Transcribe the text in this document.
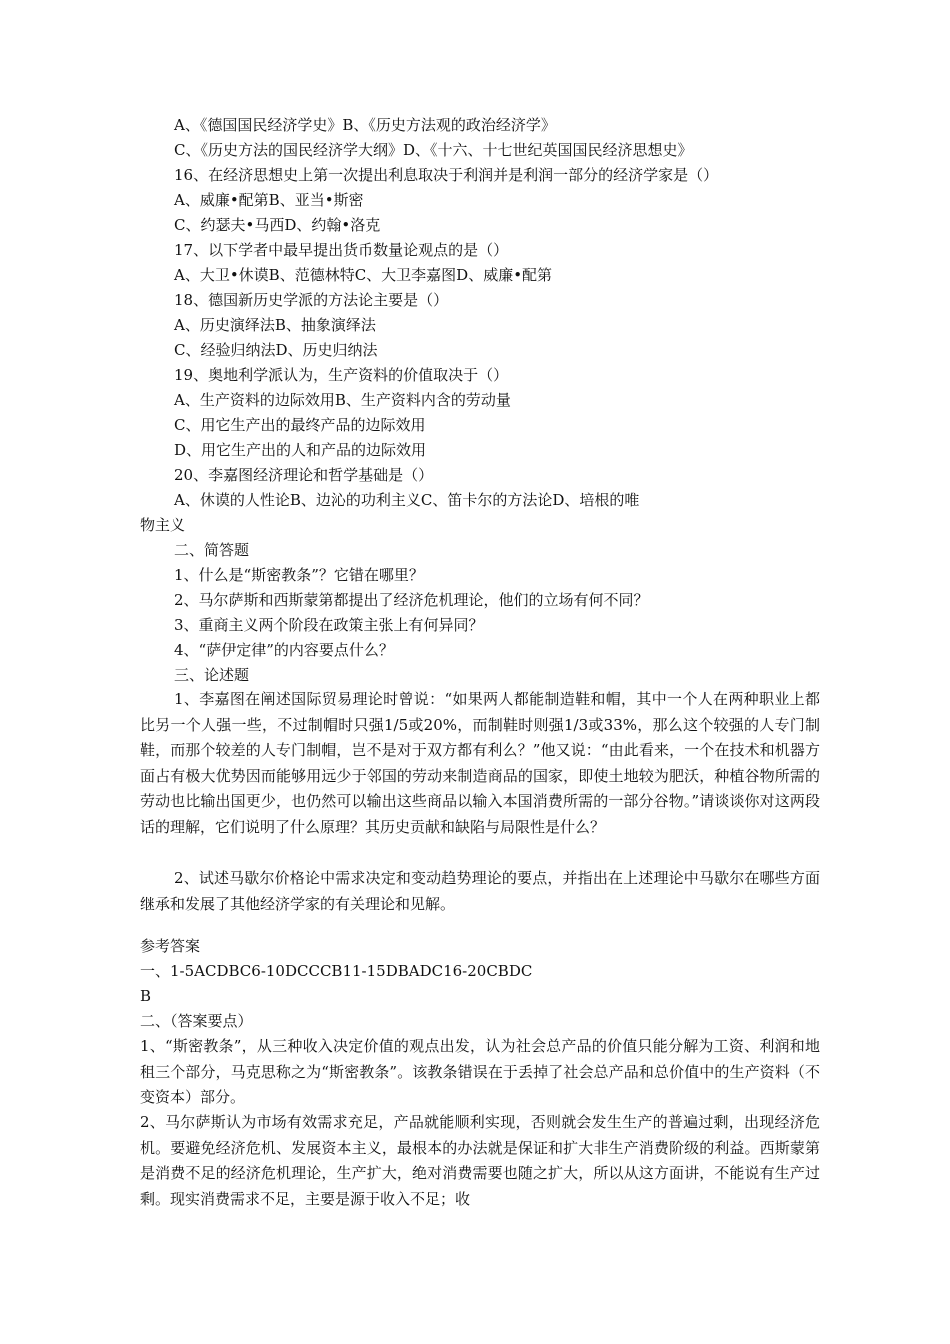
A、《德国国民经济学史》B、《历史方法观的政治经济学》
C、《历史方法的国民经济学大纲》D、《十六、十七世纪英国国民经济思想史》
16、在经济思想史上第一次提出利息取决于利润并是利润一部分的经济学家是（）
A、威廉•配第B、亚当•斯密
C、约瑟夫•马西D、约翰•洛克
17、以下学者中最早提出货币数量论观点的是（）
A、大卫•休谟B、范德林特C、大卫李嘉图D、威廉•配第
18、德国新历史学派的方法论主要是（）
A、历史演绎法B、抽象演绎法
C、经验归纳法D、历史归纳法
19、奥地利学派认为，生产资料的价值取决于（）
A、生产资料的边际效用B、生产资料内含的劳动量
C、用它生产出的最终产品的边际效用
D、用它生产出的人和产品的边际效用
20、李嘉图经济理论和哲学基础是（）
A、休谟的人性论B、边沁的功利主义C、笛卡尔的方法论D、培根的唯
物主义
二、简答题
1、什么是“斯密教条”？它错在哪里？
2、马尔萨斯和西斯蒙第都提出了经济危机理论，他们的立场有何不同？
3、重商主义两个阶段在政策主张上有何异同？
4、“萨伊定律”的内容要点什么？
三、论述题
1、李嘉图在阐述国际贸易理论时曾说：“如果两人都能制造鞋和帽，其中一个人在两种职业上都比另一个人强一些，不过制帽时只强1/5或20%，而制鞋时则强1/3或33%，那么这个较强的人专门制鞋，而那个较差的人专门制帽，岂不是对于双方都有利么？”他又说：“由此看来，一个在技术和机器方面占有极大优势因而能够用远少于邻国的劳动来制造商品的国家，即使土地较为肥沃，种植谷物所需的劳动也比输出国更少，也仍然可以输出这些商品以输入本国消费所需的一部分谷物。”请谈谈你对这两段话的理解，它们说明了什么原理？其历史贡献和缺陷与局限性是什么？
2、试述马歇尔价格论中需求决定和变动趋势理论的要点，并指出在上述理论中马歇尔在哪些方面继承和发展了其他经济学家的有关理论和见解。
参考答案
一、1-5ACDBC6-10DCCCB11-15DBADC16-20CBDC
B
二、（答案要点）
1、“斯密教条”，从三种收入决定价值的观点出发，认为社会总产品的价值只能分解为工资、利润和地租三个部分，马克思称之为“斯密教条”。该教条错误在于丢掉了社会总产品和总价值中的生产资料（不变资本）部分。
2、马尔萨斯认为市场有效需求充足，产品就能顺利实现，否则就会发生生产的普遍过剩，出现经济危机。要避免经济危机、发展资本主义，最根本的办法就是保证和扩大非生产消费阶级的利益。西斯蒙第是消费不足的经济危机理论，生产扩大，绝对消费需要也随之扩大，所以从这方面讲，不能说有生产过剩。现实消费需求不足，主要是源于收入不足；收
